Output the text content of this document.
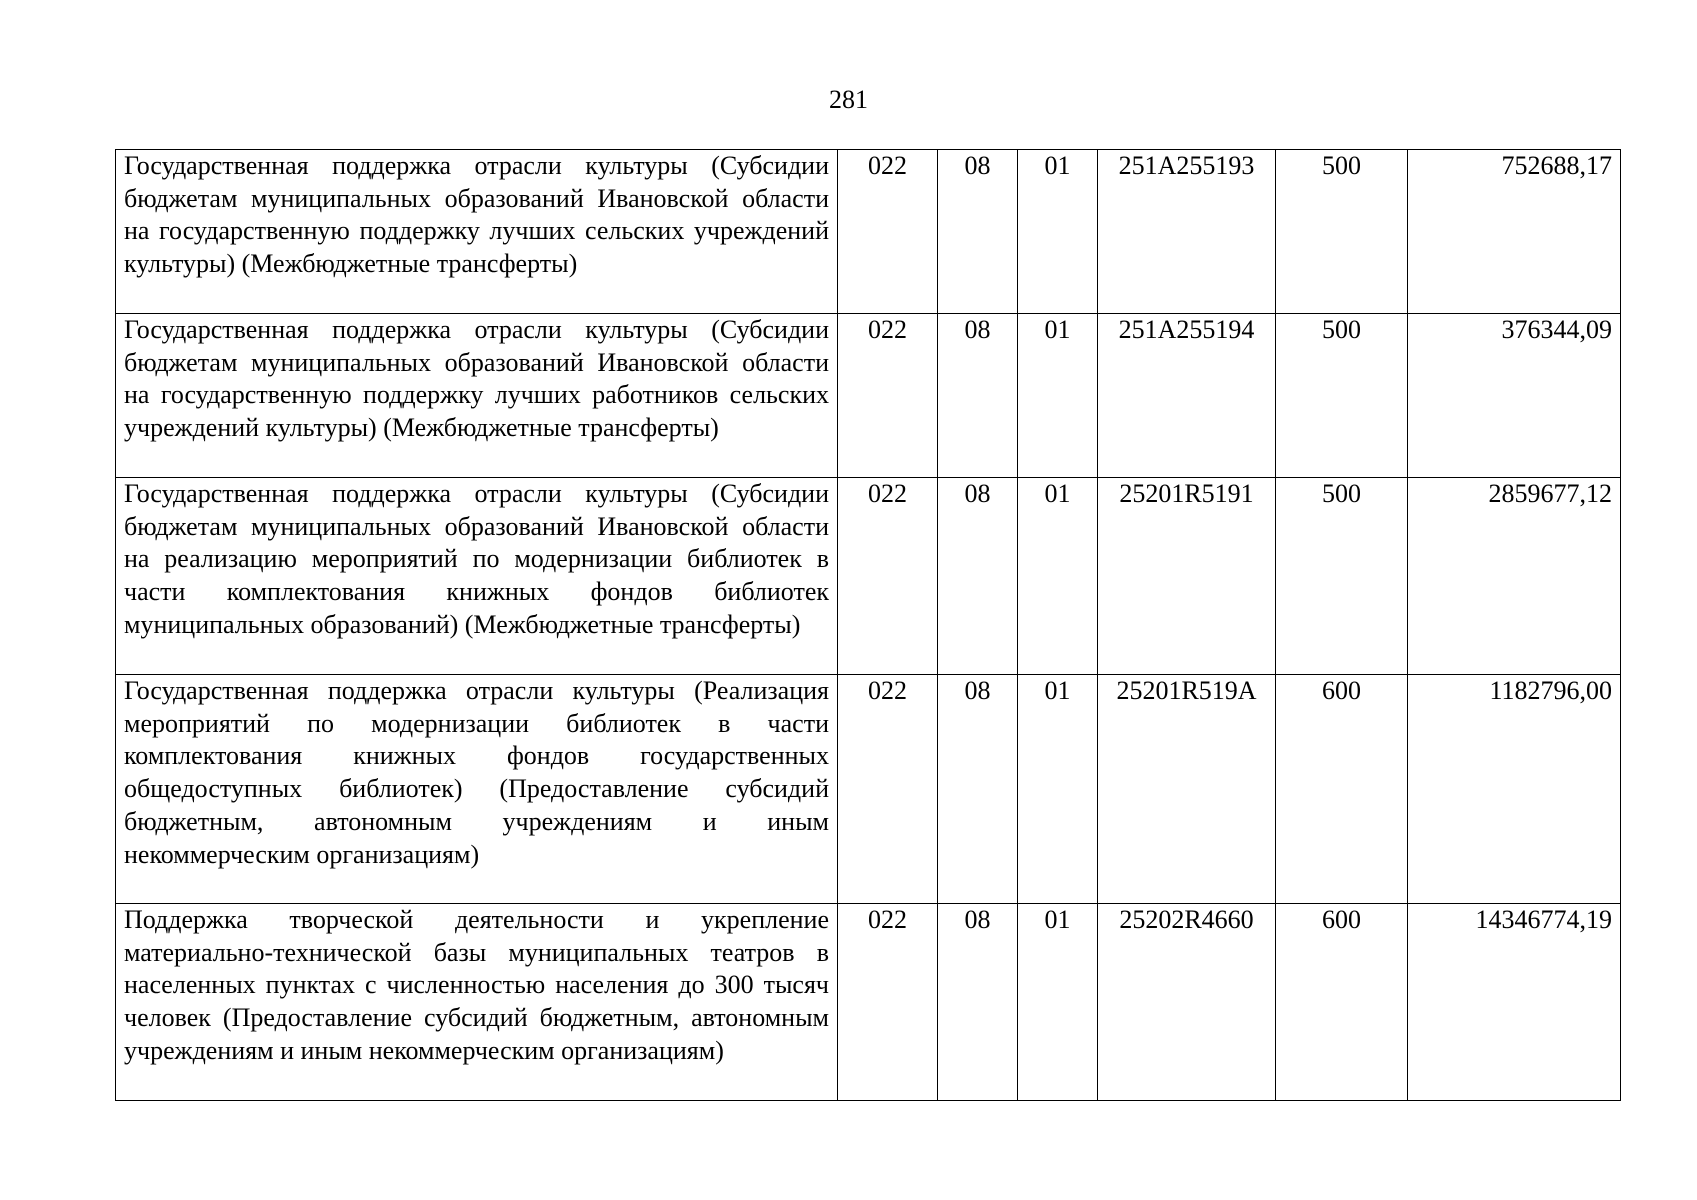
281
Государственная поддержка отрасли культуры (Субсидии бюджетам муниципальных образований Ивановской области на государственную поддержку лучших сельских учреждений культуры) (Межбюджетные трансферты)	022	08	01	251A255193	500	752688,17
Государственная поддержка отрасли культуры (Субсидии бюджетам муниципальных образований Ивановской области на государственную поддержку лучших работников сельских учреждений культуры) (Межбюджетные трансферты)	022	08	01	251A255194	500	376344,09
Государственная поддержка отрасли культуры (Субсидии бюджетам муниципальных образований Ивановской области на реализацию мероприятий по модернизации библиотек в части комплектования книжных фондов библиотек муниципальных образований) (Межбюджетные трансферты)	022	08	01	25201R5191	500	2859677,12
Государственная поддержка отрасли культуры (Реализация мероприятий по модернизации библиотек в части комплектования книжных фондов государственных общедоступных библиотек) (Предоставление субсидий бюджетным, автономным учреждениям и иным некоммерческим организациям)	022	08	01	25201R519A	600	1182796,00
Поддержка творческой деятельности и укрепление материально-технической базы муниципальных театров в населенных пунктах с численностью населения до 300 тысяч человек (Предоставление субсидий бюджетным, автономным учреждениям и иным некоммерческим организациям)	022	08	01	25202R4660	600	14346774,19
